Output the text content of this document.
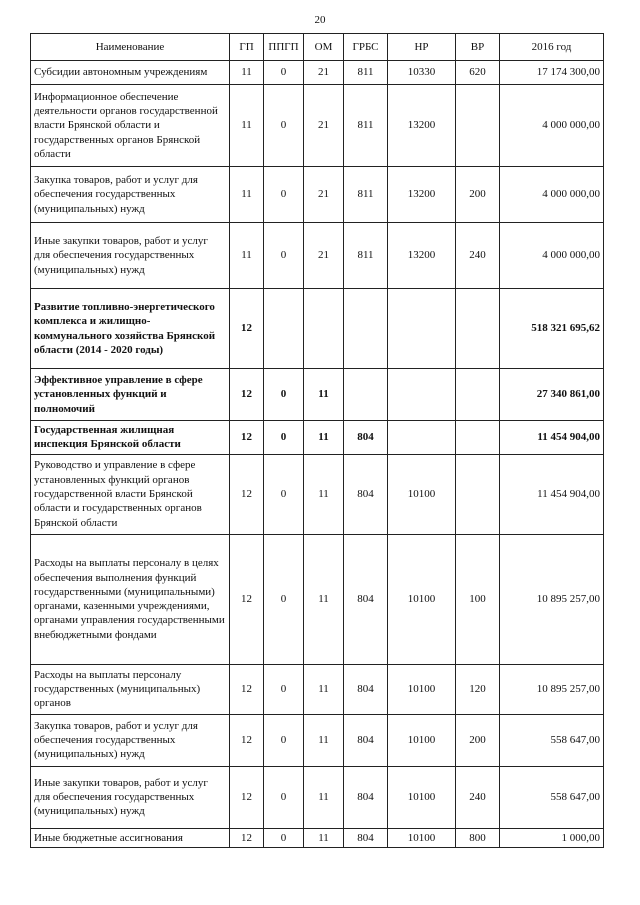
20
Наименование	ГП	ППГП	ОМ	ГРБС	НР	ВР	2016 год
Субсидии автономным учреждениям	11	0	21	811	10330	620	17 174 300,00
Информационное обеспечение деятельности органов государственной власти Брянской области и государственных органов Брянской области	11	0	21	811	13200		4 000 000,00
Закупка товаров, работ и услуг для обеспечения государственных (муниципальных) нужд	11	0	21	811	13200	200	4 000 000,00
Иные закупки товаров, работ и услуг для обеспечения государственных (муниципальных) нужд	11	0	21	811	13200	240	4 000 000,00
Развитие топливно-энергетического комплекса и жилищно-коммунального хозяйства Брянской области (2014 - 2020 годы)	12						518 321 695,62
Эффективное управление в сфере установленных функций и полномочий	12	0	11				27 340 861,00
Государственная жилищная инспекция Брянской области	12	0	11	804			11 454 904,00
Руководство и управление в сфере установленных функций органов государственной власти Брянской области и государственных органов Брянской области	12	0	11	804	10100		11 454 904,00
Расходы на выплаты персоналу в целях обеспечения выполнения функций государственными (муниципальными) органами, казенными учреждениями, органами управления государственными внебюджетными фондами	12	0	11	804	10100	100	10 895 257,00
Расходы на выплаты персоналу государственных (муниципальных) органов	12	0	11	804	10100	120	10 895 257,00
Закупка товаров, работ и услуг для обеспечения государственных (муниципальных) нужд	12	0	11	804	10100	200	558 647,00
Иные закупки товаров, работ и услуг для обеспечения государственных (муниципальных) нужд	12	0	11	804	10100	240	558 647,00
Иные бюджетные ассигнования	12	0	11	804	10100	800	1 000,00
